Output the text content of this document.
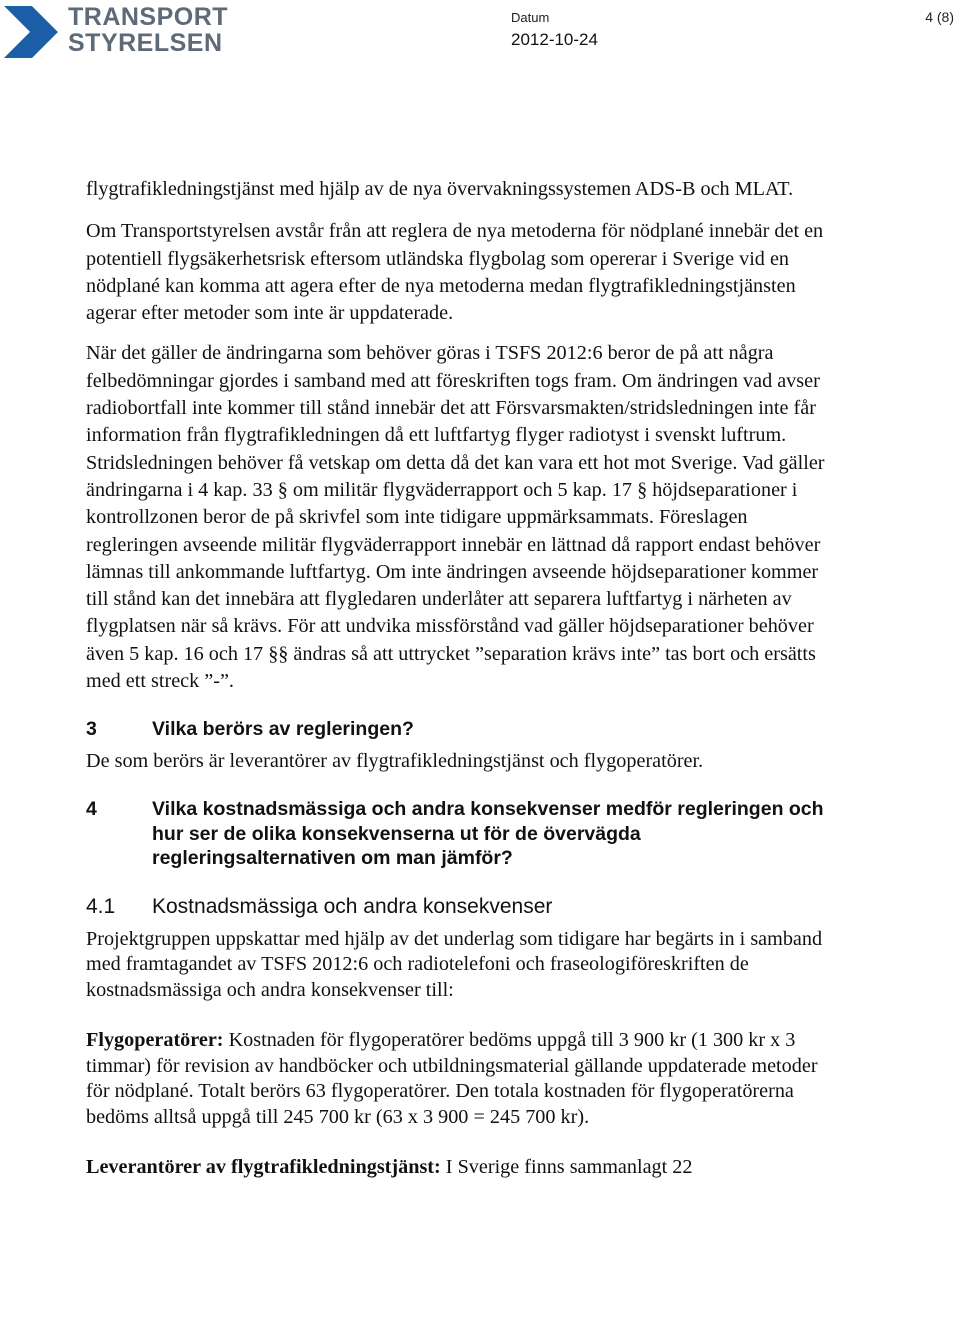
TRANSPORT
STYRELSEN
Datum
2012-10-24
4 (8)

flygtrafikledningstjänst med hjälp av de nya övervakningssystemen ADS-B och MLAT.

Om Transportstyrelsen avstår från att reglera de nya metoderna för nödplané innebär det en potentiell flygsäkerhetsrisk eftersom utländska flygbolag som opererar i Sverige vid en nödplané kan komma att agera efter de nya metoderna medan flygtrafikledningstjänsten agerar efter metoder som inte är uppdaterade.

När det gäller de ändringarna som behöver göras i TSFS 2012:6 beror de på att några felbedömningar gjordes i samband med att föreskriften togs fram. Om ändringen vad avser radiobortfall inte kommer till stånd innebär det att Försvarsmakten/stridsledningen inte får information från flygtrafikledningen då ett luftfartyg flyger radiotyst i svenskt luftrum. Stridsledningen behöver få vetskap om detta då det kan vara ett hot mot Sverige. Vad gäller ändringarna i 4 kap. 33 § om militär flygväderrapport och 5 kap. 17 § höjdseparationer i kontrollzonen beror de på skrivfel som inte tidigare uppmärksammats. Föreslagen regleringen avseende militär flygväderrapport innebär en lättnad då rapport endast behöver lämnas till ankommande luftfartyg. Om inte ändringen avseende höjdseparationer kommer till stånd kan det innebära att flygledaren underlåter att separera luftfartyg i närheten av flygplatsen när så krävs. För att undvika missförstånd vad gäller höjdseparationer behöver även 5 kap. 16 och 17 §§ ändras så att uttrycket ”separation krävs inte” tas bort och ersätts med ett streck ”-”.

3	Vilka berörs av regleringen?

De som berörs är leverantörer av flygtrafikledningstjänst och flygoperatörer.

4	Vilka kostnadsmässiga och andra konsekvenser medför regleringen och hur ser de olika konsekvenserna ut för de övervägda regleringsalternativen om man jämför?
4.1	Kostnadsmässiga och andra konsekvenser

Projektgruppen uppskattar med hjälp av det underlag som tidigare har begärts in i samband med framtagandet av TSFS 2012:6 och radiotelefoni och fraseologiföreskriften de kostnadsmässiga och andra konsekvenser till:

Flygoperatörer: Kostnaden för flygoperatörer bedöms uppgå till 3 900 kr (1 300 kr x 3 timmar) för revision av handböcker och utbildningsmaterial gällande uppdaterade metoder för nödplané. Totalt berörs 63 flygoperatörer. Den totala kostnaden för flygoperatörerna bedöms alltså uppgå till 245 700 kr (63 x 3 900 = 245 700 kr).

Leverantörer av flygtrafikledningstjänst: I Sverige finns sammanlagt 22
